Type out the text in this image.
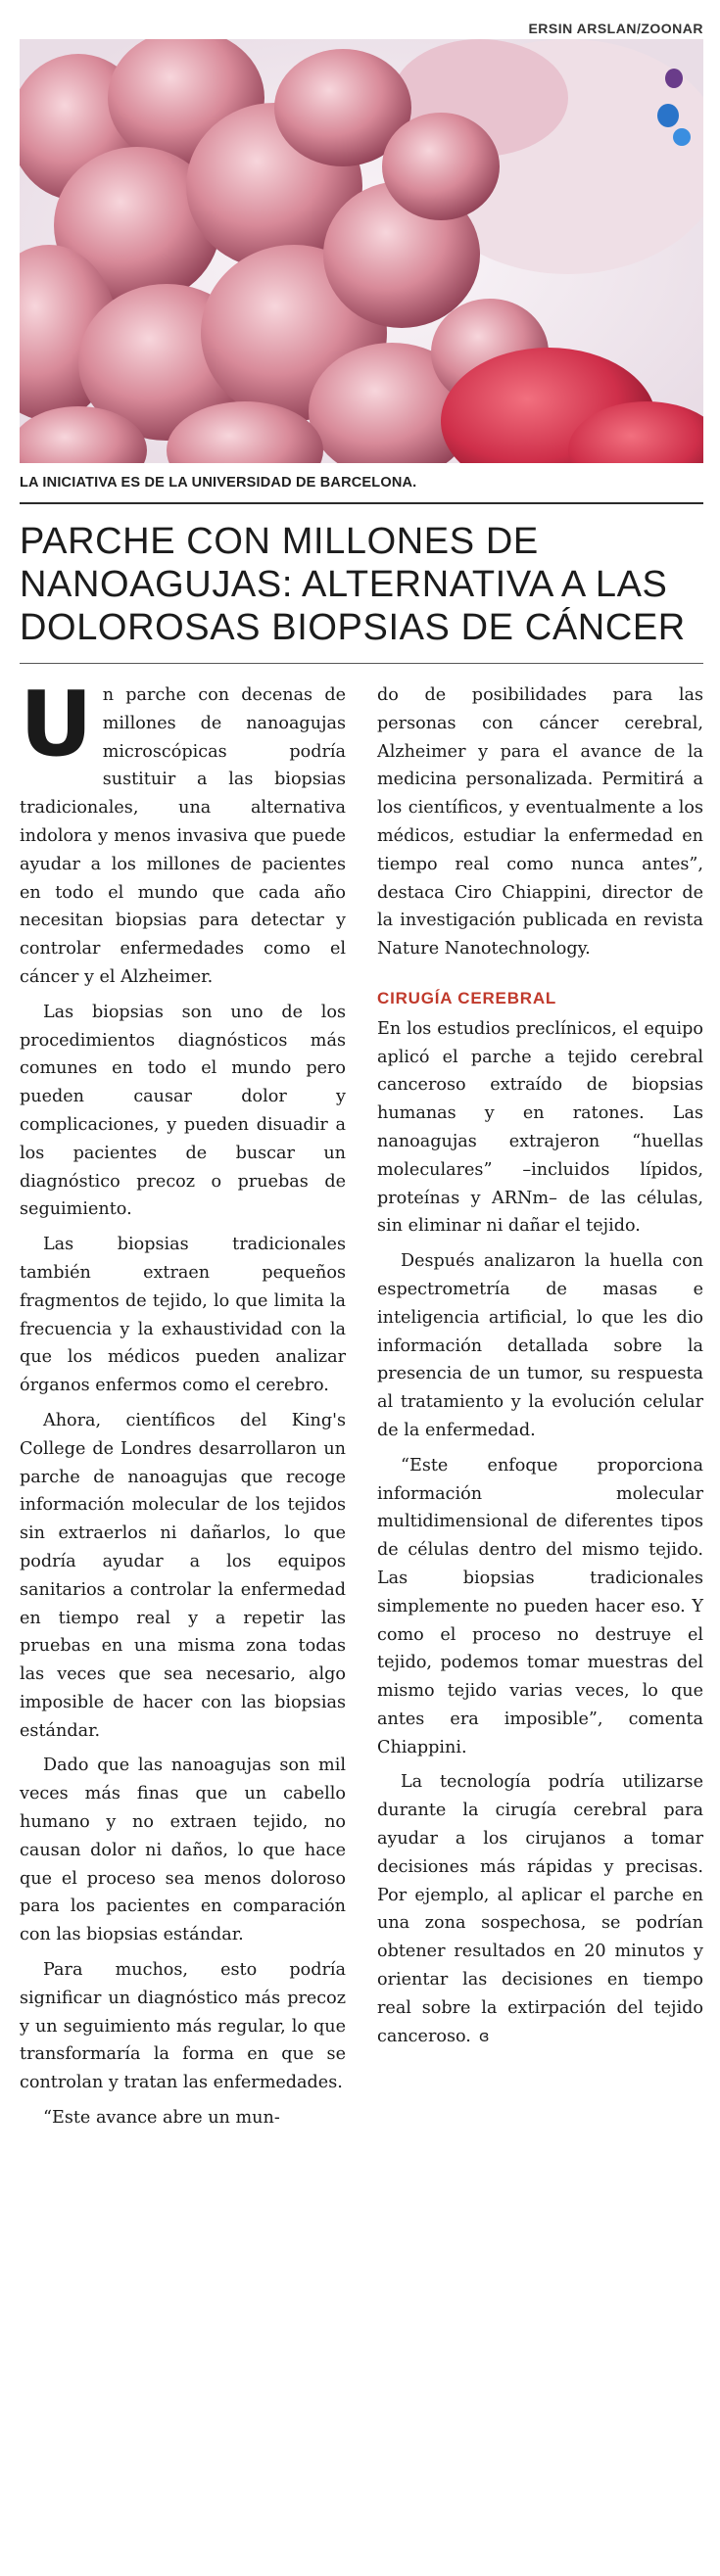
ERSIN ARSLAN/ZOONAR
LA INICIATIVA ES DE LA UNIVERSIDAD DE BARCELONA.
PARCHE CON MILLONES DE NANOAGUJAS: ALTERNATIVA A LAS DOLOROSAS BIOPSIAS DE CÁNCER

Un parche con decenas de millones de nanoagujas microscópicas podría sustituir a las biopsias tradicionales, una alternativa indolora y menos invasiva que puede ayudar a los millones de pacientes en todo el mundo que cada año necesitan biopsias para detectar y controlar enfermedades como el cáncer y el Alzheimer.

Las biopsias son uno de los procedimientos diagnósticos más comunes en todo el mundo pero pueden causar dolor y complicaciones, y pueden disuadir a los pacientes de buscar un diagnóstico precoz o pruebas de seguimiento.

Las biopsias tradicionales también extraen pequeños fragmentos de tejido, lo que limita la frecuencia y la exhaustividad con la que los médicos pueden analizar órganos enfermos como el cerebro.

Ahora, científicos del King's College de Londres desarrollaron un parche de nanoagujas que recoge información molecular de los tejidos sin extraerlos ni dañarlos, lo que podría ayudar a los equipos sanitarios a controlar la enfermedad en tiempo real y a repetir las pruebas en una misma zona todas las veces que sea necesario, algo imposible de hacer con las biopsias estándar.

Dado que las nanoagujas son mil veces más finas que un cabello humano y no extraen tejido, no causan dolor ni daños, lo que hace que el proceso sea menos doloroso para los pacientes en comparación con las biopsias estándar.

Para muchos, esto podría significar un diagnóstico más precoz y un seguimiento más regular, lo que transformaría la forma en que se controlan y tratan las enfermedades.

“Este avance abre un mun-

do de posibilidades para las personas con cáncer cerebral, Alzheimer y para el avance de la medicina personalizada. Permitirá a los científicos, y eventualmente a los médicos, estudiar la enfermedad en tiempo real como nunca antes”, destaca Ciro Chiappini, director de la investigación publicada en revista Nature Nanotechnology.

CIRUGÍA CEREBRAL

En los estudios preclínicos, el equipo aplicó el parche a tejido cerebral canceroso extraído de biopsias humanas y en ratones. Las nanoagujas extrajeron “huellas moleculares” –incluidos lípidos, proteínas y ARNm– de las células, sin eliminar ni dañar el tejido.

Después analizaron la huella con espectrometría de masas e inteligencia artificial, lo que les dio información detallada sobre la presencia de un tumor, su respuesta al tratamiento y la evolución celular de la enfermedad.

“Este enfoque proporciona información molecular multidimensional de diferentes tipos de células dentro del mismo tejido. Las biopsias tradicionales simplemente no pueden hacer eso. Y como el proceso no destruye el tejido, podemos tomar muestras del mismo tejido varias veces, lo que antes era imposible”, comenta Chiappini.

La tecnología podría utilizarse durante la cirugía cerebral para ayudar a los cirujanos a tomar decisiones más rápidas y precisas. Por ejemplo, al aplicar el parche en una zona sospechosa, se podrían obtener resultados en 20 minutos y orientar las decisiones en tiempo real sobre la extirpación del tejido canceroso. ɞ
